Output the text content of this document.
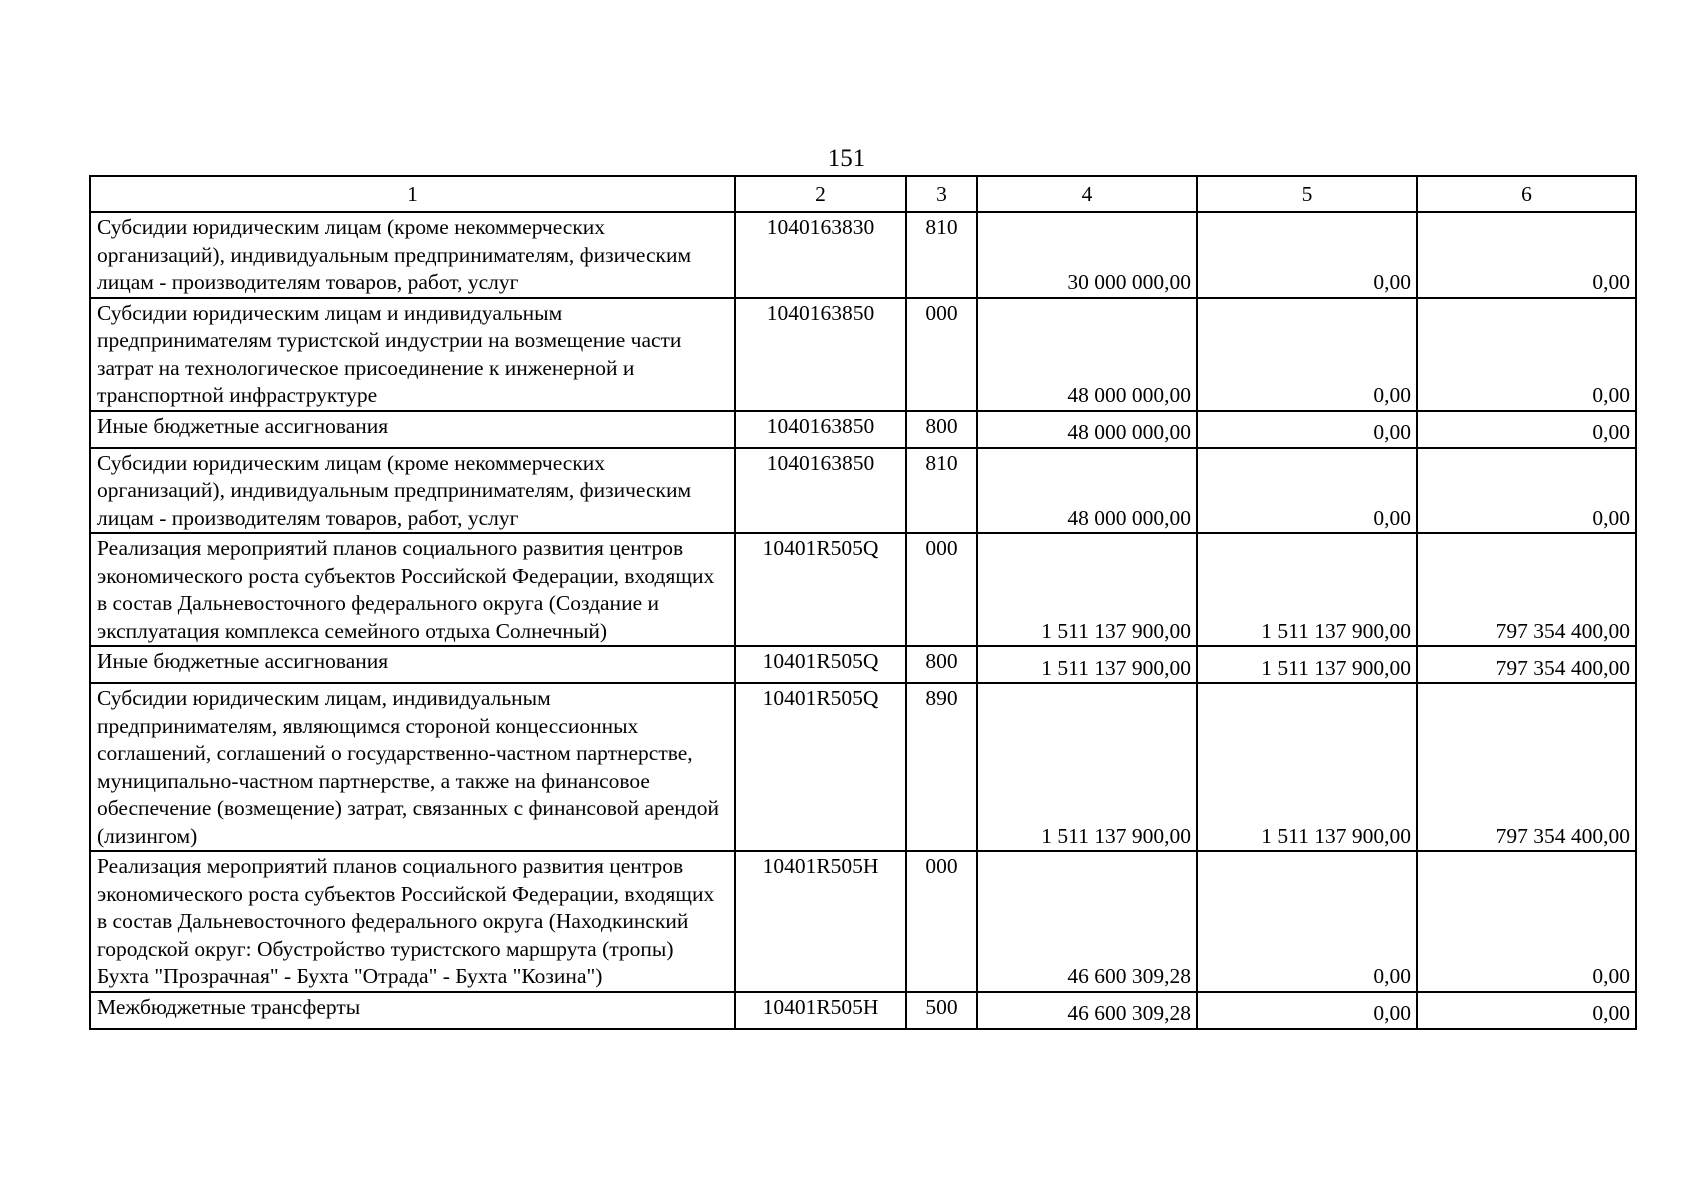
151
1	2	3	4	5	6
Субсидии юридическим лицам (кроме некоммерческих организаций), индивидуальным предпринимателям, физическим лицам - производителям товаров, работ, услуг	1040163830	810	30 000 000,00	0,00	0,00
Субсидии юридическим лицам и индивидуальным предпринимателям туристской индустрии на возмещение части затрат на технологическое присоединение к инженерной и транспортной инфраструктуре	1040163850	000	48 000 000,00	0,00	0,00
Иные бюджетные ассигнования	1040163850	800	48 000 000,00	0,00	0,00
Субсидии юридическим лицам (кроме некоммерческих организаций), индивидуальным предпринимателям, физическим лицам - производителям товаров, работ, услуг	1040163850	810	48 000 000,00	0,00	0,00
Реализация мероприятий планов социального развития центров экономического роста субъектов Российской Федерации, входящих в состав Дальневосточного федерального округа (Создание и эксплуатация комплекса семейного отдыха Солнечный)	10401R505Q	000	1 511 137 900,00	1 511 137 900,00	797 354 400,00
Иные бюджетные ассигнования	10401R505Q	800	1 511 137 900,00	1 511 137 900,00	797 354 400,00
Субсидии юридическим лицам, индивидуальным предпринимателям, являющимся стороной концессионных соглашений, соглашений о государственно-частном партнерстве, муниципально-частном партнерстве, а также на финансовое обеспечение (возмещение) затрат, связанных с финансовой арендой (лизингом)	10401R505Q	890	1 511 137 900,00	1 511 137 900,00	797 354 400,00
Реализация мероприятий планов социального развития центров экономического роста субъектов Российской Федерации, входящих в состав Дальневосточного федерального округа (Находкинский городской округ: Обустройство туристского маршрута (тропы) Бухта "Прозрачная" - Бухта "Отрада" - Бухта "Козина")	10401R505H	000	46 600 309,28	0,00	0,00
Межбюджетные трансферты	10401R505H	500	46 600 309,28	0,00	0,00
